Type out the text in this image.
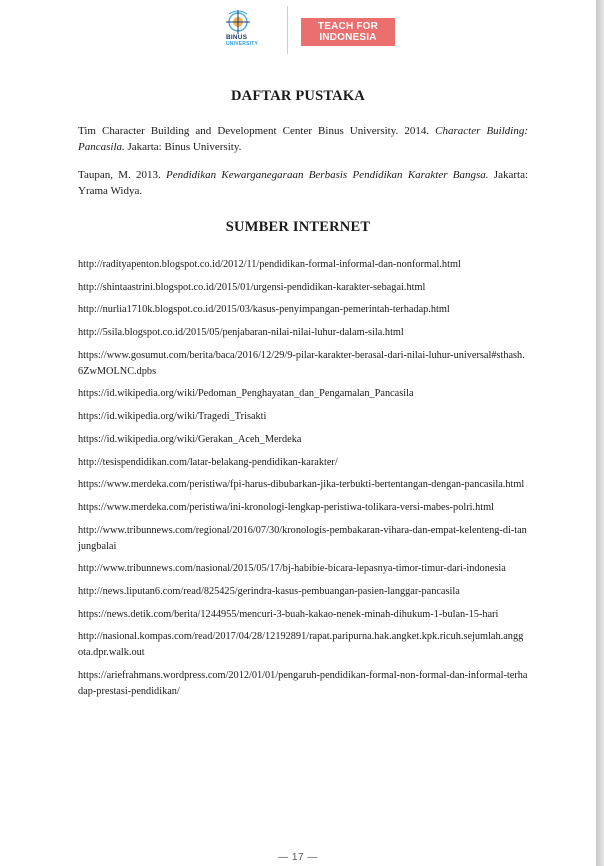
BINUS
UNIVERSITY
TEACH FOR
INDONESIA
DAFTAR PUSTAKA

Tim Character Building and Development Center Binus University. 2014. Character Building: Pancasila. Jakarta: Binus University.

Taupan, M. 2013. Pendidikan Kewarganegaraan Berbasis Pendidikan Karakter Bangsa. Jakarta: Yrama Widya.

SUMBER INTERNET
http://radityapenton.blogspot.co.id/2012/11/pendidikan-formal-informal-dan-nonformal.html
http://shintaastrini.blogspot.co.id/2015/01/urgensi-pendidikan-karakter-sebagai.html
http://nurlia1710k.blogspot.co.id/2015/03/kasus-penyimpangan-pemerintah-terhadap.html
http://5sila.blogspot.co.id/2015/05/penjabaran-nilai-nilai-luhur-dalam-sila.html
https://www.gosumut.com/berita/baca/2016/12/29/9-pilar-karakter-berasal-dari-nilai-luhur-universal#sthash.6ZwMOLNC.dpbs
https://id.wikipedia.org/wiki/Pedoman_Penghayatan_dan_Pengamalan_Pancasila
https://id.wikipedia.org/wiki/Tragedi_Trisakti
https://id.wikipedia.org/wiki/Gerakan_Aceh_Merdeka
http://tesispendidikan.com/latar-belakang-pendidikan-karakter/
https://www.merdeka.com/peristiwa/fpi-harus-dibubarkan-jika-terbukti-bertentangan-dengan-pancasila.html
https://www.merdeka.com/peristiwa/ini-kronologi-lengkap-peristiwa-tolikara-versi-mabes-polri.html
http://www.tribunnews.com/regional/2016/07/30/kronologis-pembakaran-vihara-dan-empat-kelenteng-di-tanjungbalai
http://www.tribunnews.com/nasional/2015/05/17/bj-habibie-bicara-lepasnya-timor-timur-dari-indonesia
http://news.liputan6.com/read/825425/gerindra-kasus-pembuangan-pasien-langgar-pancasila
https://news.detik.com/berita/1244955/mencuri-3-buah-kakao-nenek-minah-dihukum-1-bulan-15-hari
http://nasional.kompas.com/read/2017/04/28/12192891/rapat.paripurna.hak.angket.kpk.ricuh.sejumlah.anggota.dpr.walk.out
https://ariefrahmans.wordpress.com/2012/01/01/pengaruh-pendidikan-formal-non-formal-dan-informal-terhadap-prestasi-pendidikan/
— 17 —
